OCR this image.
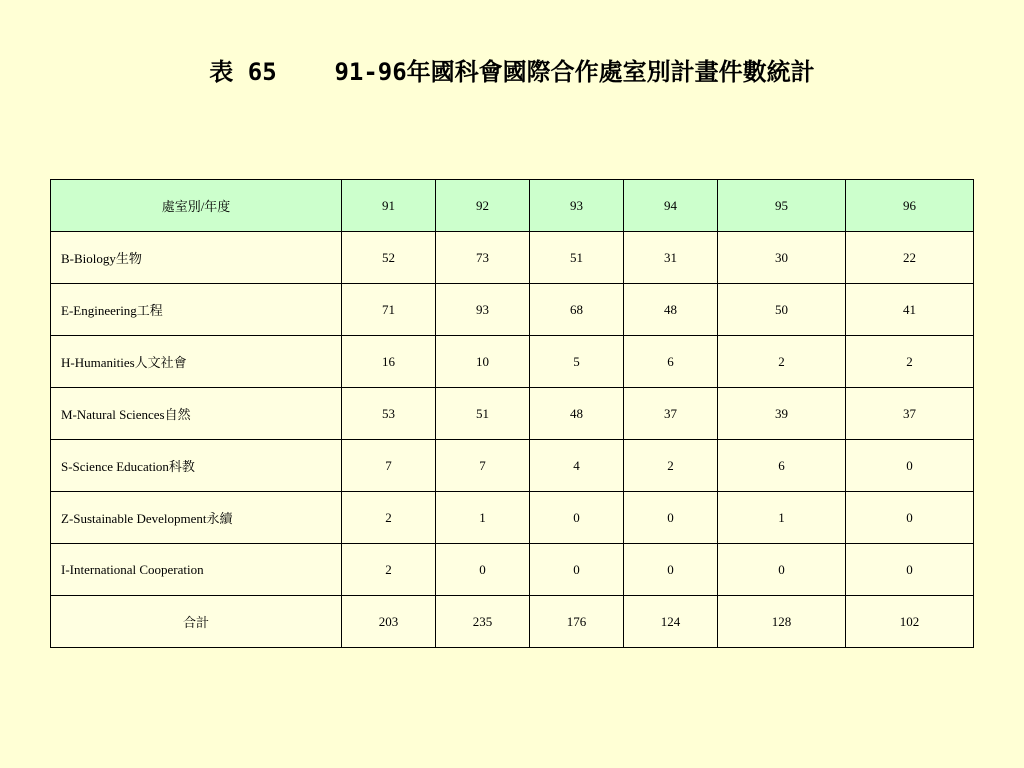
表 65    91-96年國科會國際合作處室別計畫件數統計
處室別/年度	91	92	93	94	95	96
B-Biology生物	52	73	51	31	30	22
E-Engineering工程	71	93	68	48	50	41
H-Humanities人文社會	16	10	5	6	2	2
M-Natural Sciences自然	53	51	48	37	39	37
S-Science Education科教	7	7	4	2	6	0
Z-Sustainable Development永續	2	1	0	0	1	0
I-International Cooperation	2	0	0	0	0	0
合計	203	235	176	124	128	102
